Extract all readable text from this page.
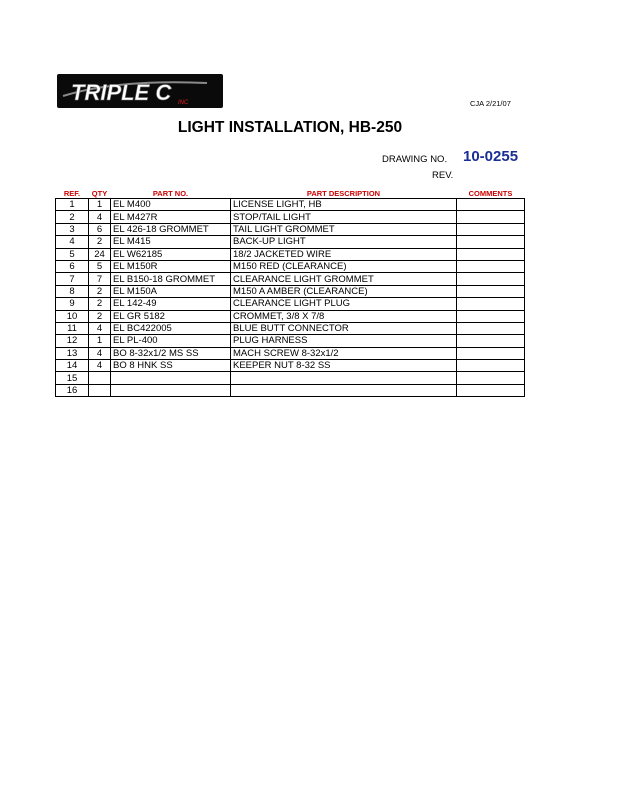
TRIPLE C INC	CJA 2/21/07
LIGHT INSTALLATION, HB-250
DRAWING NO. 10-0255
REV.
REF.	QTY	PART NO.	PART DESCRIPTION	COMMENTS
1	1	EL M400	LICENSE LIGHT, HB	
2	4	EL M427R	STOP/TAIL LIGHT	
3	6	EL 426-18 GROMMET	TAIL LIGHT GROMMET	
4	2	EL M415	BACK-UP LIGHT	
5	24	EL W62185	18/2 JACKETED WIRE	
6	5	EL M150R	M150 RED (CLEARANCE)	
7	7	EL B150-18 GROMMET	CLEARANCE LIGHT GROMMET	
8	2	EL M150A	M150 A AMBER (CLEARANCE)	
9	2	EL 142-49	CLEARANCE LIGHT PLUG	
10	2	EL GR 5182	CROMMET, 3/8 X 7/8	
11	4	EL BC422005	BLUE BUTT CONNECTOR	
12	1	EL PL-400	PLUG HARNESS	
13	4	BO 8-32x1/2 MS SS	MACH SCREW 8-32x1/2	
14	4	BO 8 HNK SS	KEEPER NUT 8-32 SS	
15				
16				
